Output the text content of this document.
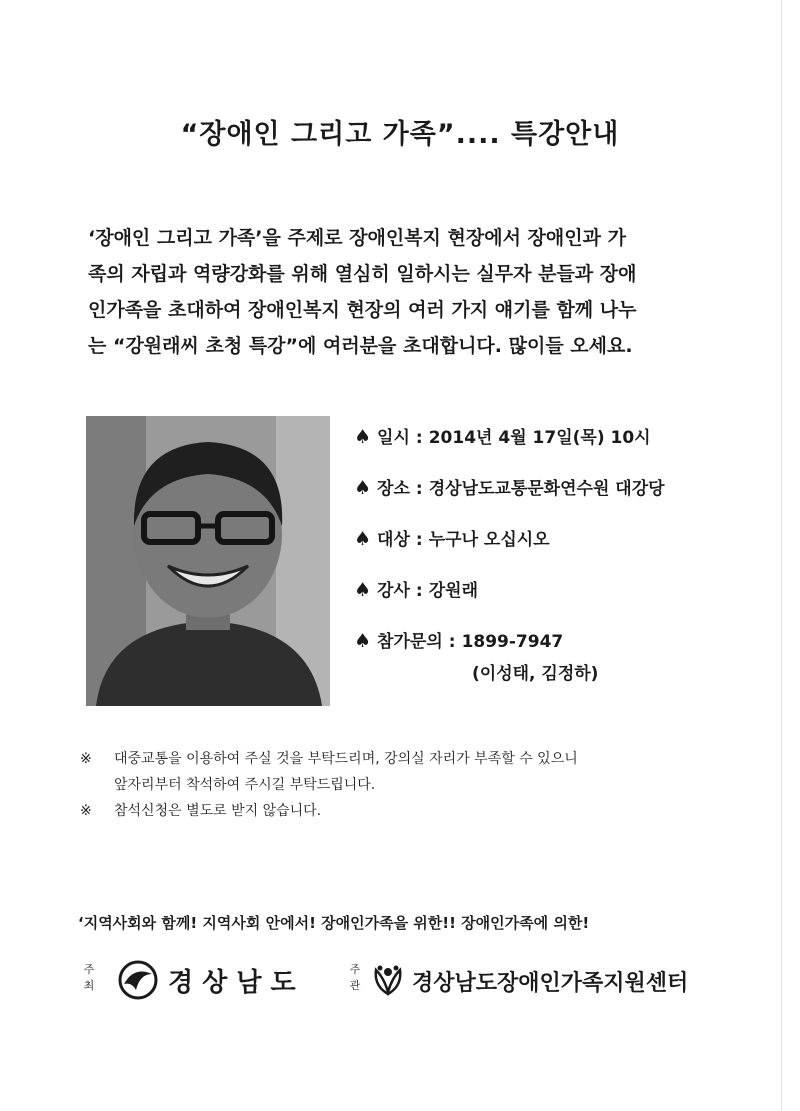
“장애인 그리고 가족”.... 특강안내
‘장애인 그리고 가족’을 주제로 장애인복지 현장에서 장애인과 가
족의 자립과 역량강화를 위해 열심히 일하시는 실무자 분들과 장애
인가족을 초대하여 장애인복지 현장의 여러 가지 얘기를 함께 나누
는 “강원래씨 초청 특강”에 여러분을 초대합니다. 많이들 오세요.
♠ 일시 : 2014년 4월 17일(목) 10시
♠ 장소 : 경상남도교통문화연수원 대강당
♠ 대상 : 누구나 오십시오
♠ 강사 : 강원래
♠ 참가문의 : 1899-7947
(이성태, 김정하)
※ 대중교통을 이용하여 주실 것을 부탁드리며, 강의실 자리가 부족할 수 있으니
앞자리부터 착석하여 주시길 부탁드립니다.
※ 참석신청은 별도로 받지 않습니다.
‘지역사회와 함께! 지역사회 안에서! 장애인가족을 위한!! 장애인가족에 의한!
주
최	경 상 남 도	주
관 경상남도장애인가족지원센터
